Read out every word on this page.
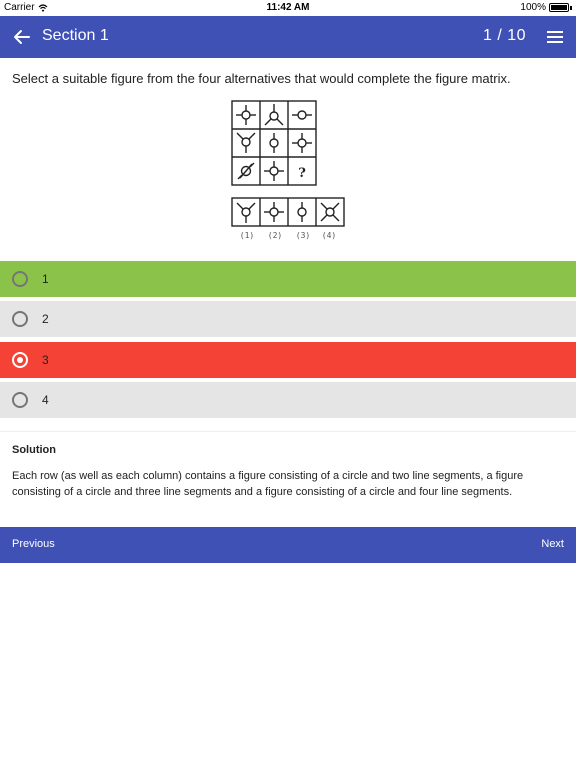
Carrier	11:42 AM	100%
Section 1	1 / 10
Select a suitable figure from the four alternatives that would complete the figure matrix.
?
(1) (2) (3) (4)
1
2
3
4
Solution
Each row (as well as each column) contains a figure consisting of a circle and two line segments, a figure consisting of a circle and three line segments and a figure consisting of a circle and four line segments.
Previous	Next
